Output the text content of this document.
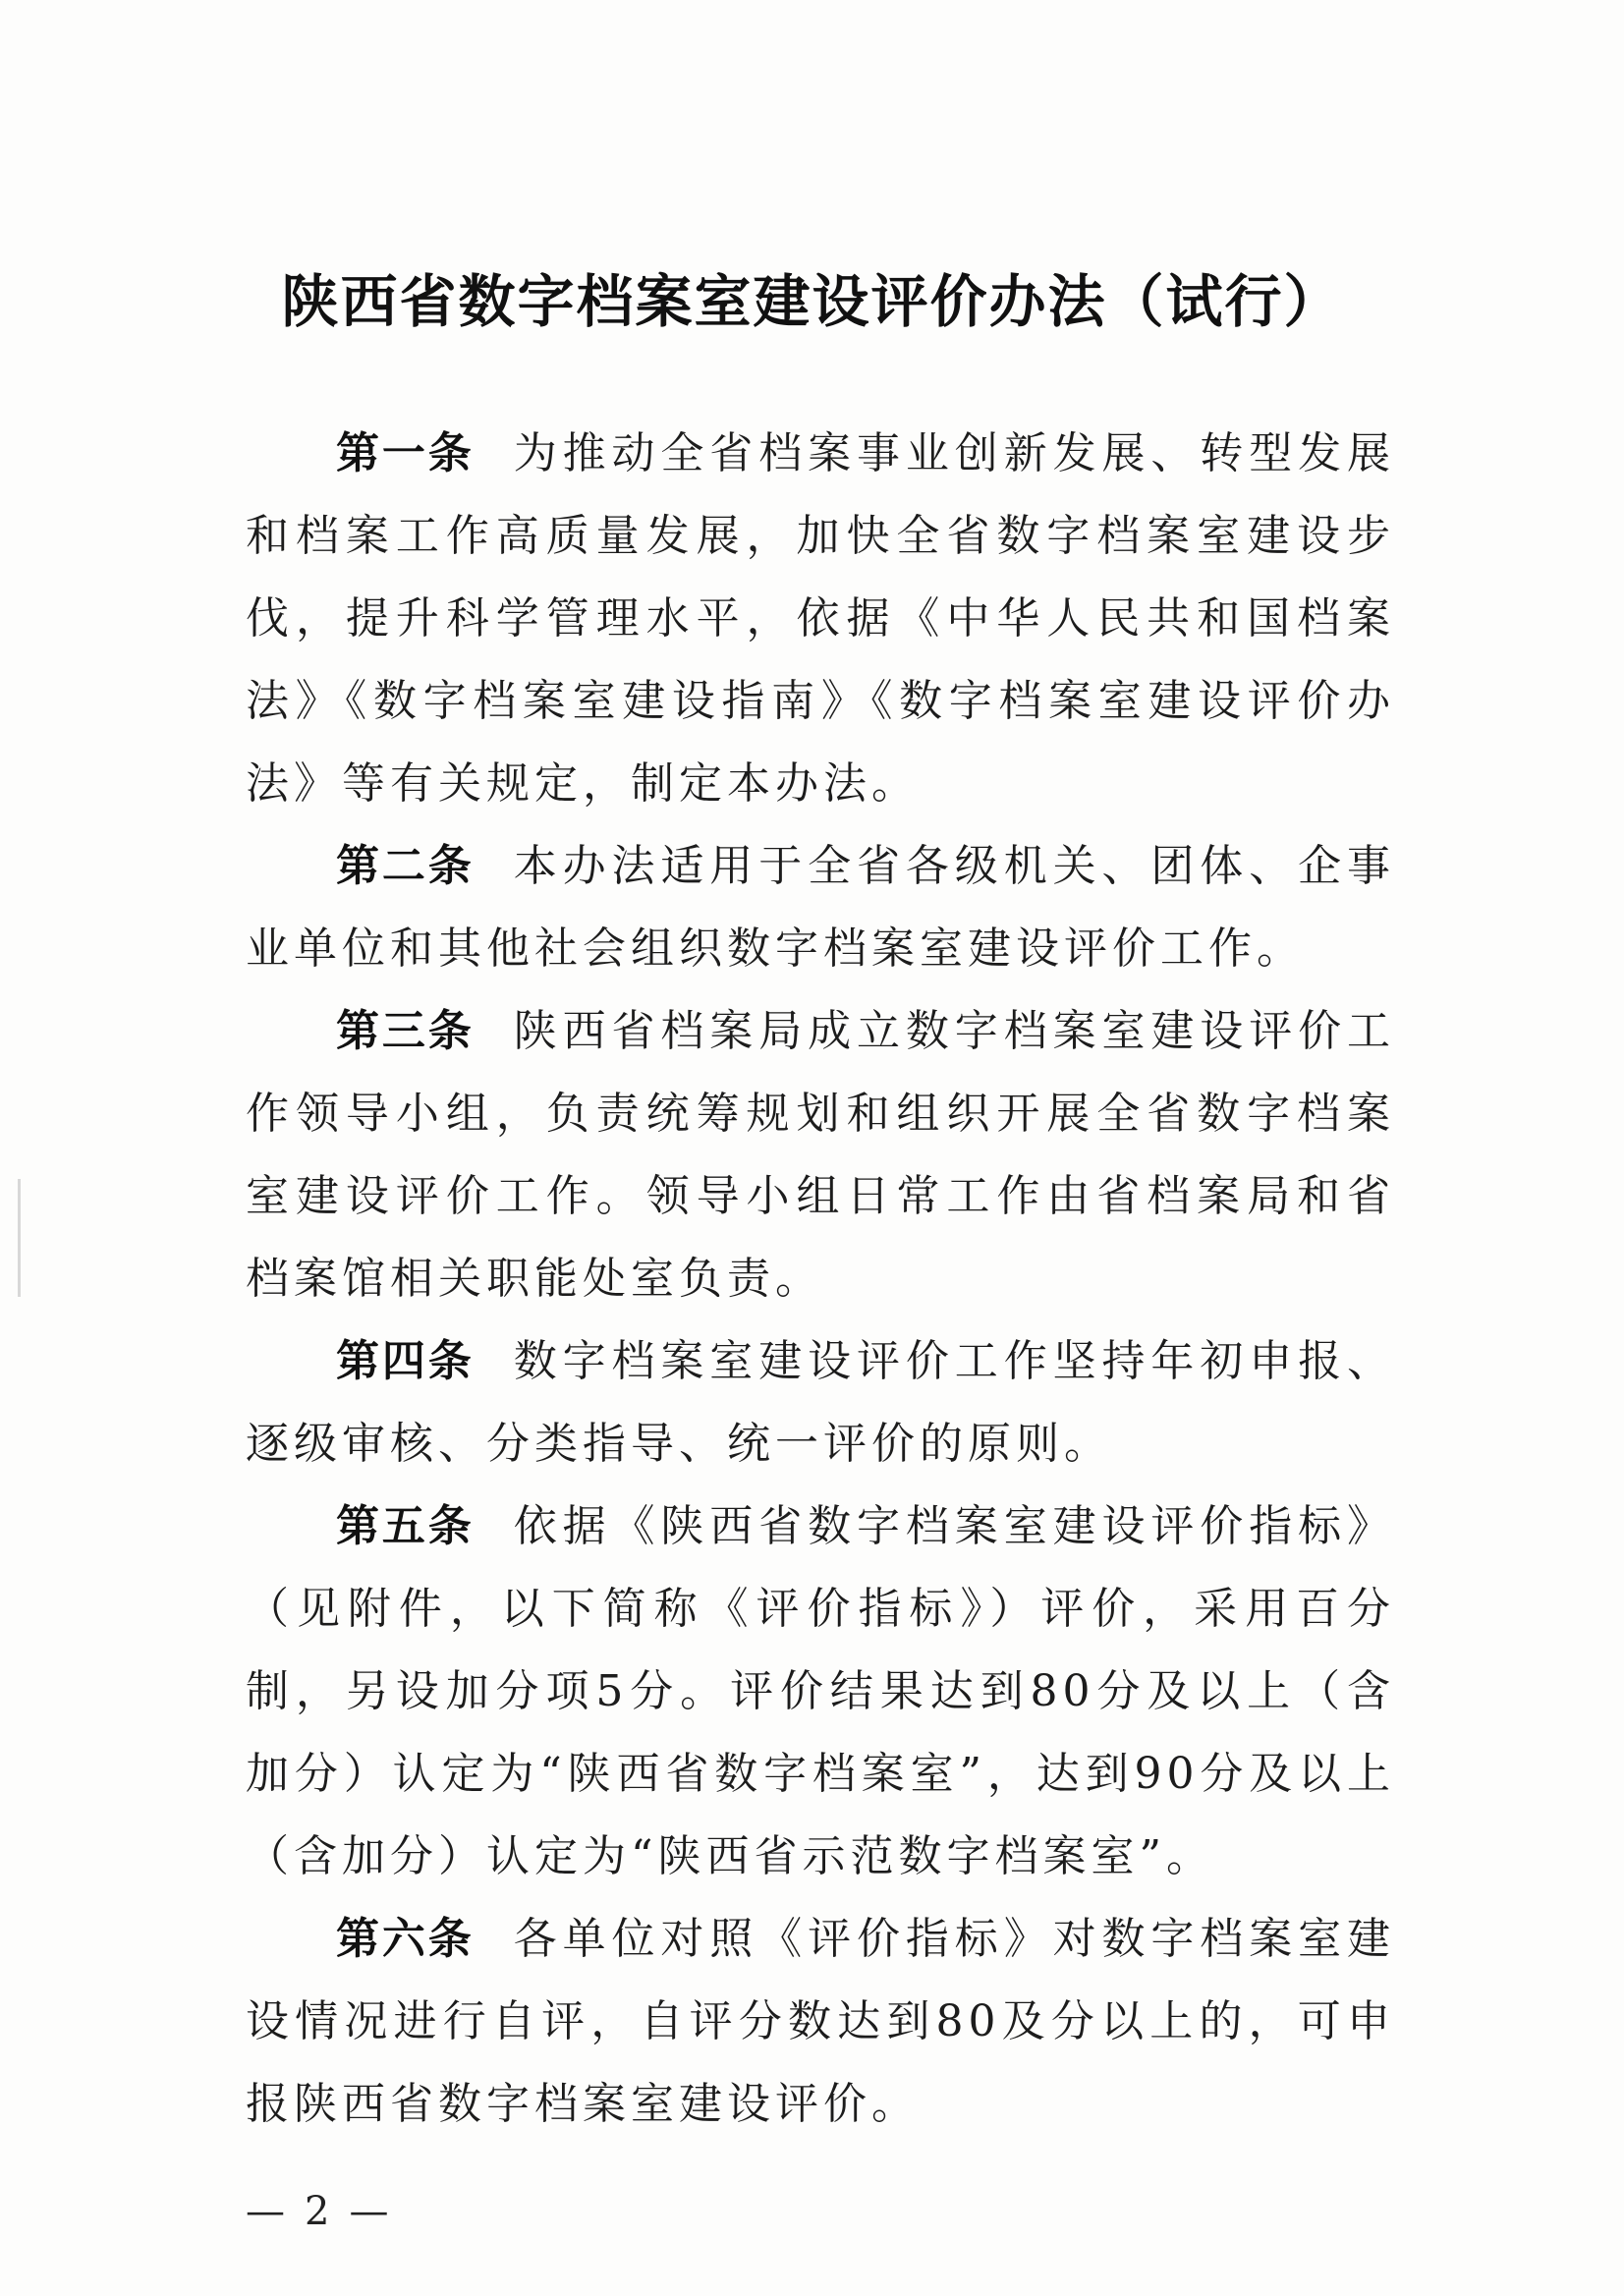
陕西省数字档案室建设评价办法（试行）

第一条 为推动全省档案事业创新发展、转型发展和档案工作高质量发展，加快全省数字档案室建设步伐，提升科学管理水平，依据《中华人民共和国档案法》《数字档案室建设指南》《数字档案室建设评价办法》等有关规定，制定本办法。

第二条 本办法适用于全省各级机关、团体、企事业单位和其他社会组织数字档案室建设评价工作。

第三条 陕西省档案局成立数字档案室建设评价工作领导小组，负责统筹规划和组织开展全省数字档案室建设评价工作。领导小组日常工作由省档案局和省档案馆相关职能处室负责。

第四条 数字档案室建设评价工作坚持年初申报、逐级审核、分类指导、统一评价的原则。

第五条 依据《陕西省数字档案室建设评价指标》（见附件，以下简称《评价指标》）评价，采用百分制，另设加分项5分。评价结果达到80分及以上（含加分）认定为“陕西省数字档案室”，达到90分及以上（含加分）认定为“陕西省示范数字档案室”。

第六条 各单位对照《评价指标》对数字档案室建设情况进行自评，自评分数达到80及分以上的，可申报陕西省数字档案室建设评价。

— 2 —
